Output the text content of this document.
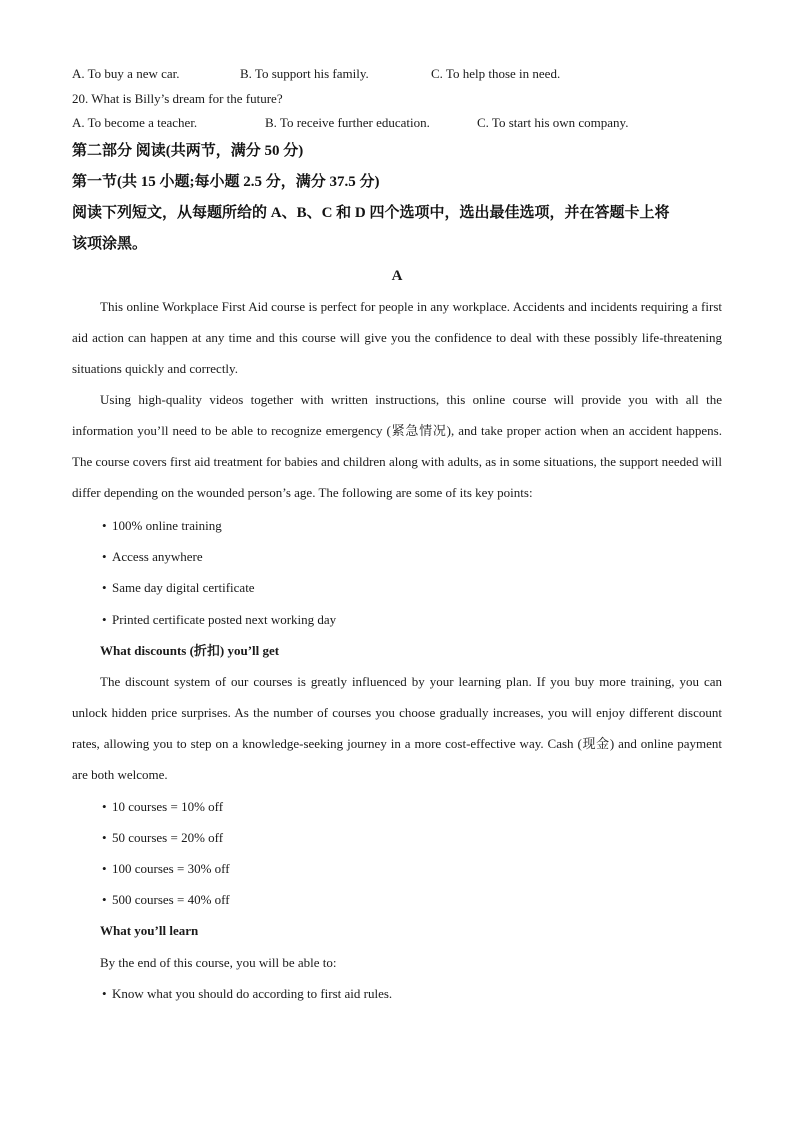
A. To buy a new car.	B. To support his family.	C. To help those in need.
20. What is Billy’s dream for the future?
A. To become a teacher.	B. To receive further education.	C. To start his own company.
第二部分 阅读(共两节，满分 50 分)
第一节(共 15 小题;每小题 2.5 分，满分 37.5 分)
阅读下列短文，从每题所给的 A、B、C 和 D 四个选项中，选出最佳选项，并在答题卡上将
该项涂黑。
A
This online Workplace First Aid course is perfect for people in any workplace. Accidents and incidents requiring a first aid action can happen at any time and this course will give you the confidence to deal with these possibly life-threatening situations quickly and correctly.
Using high-quality videos together with written instructions, this online course will provide you with all the information you’ll need to be able to recognize emergency (紧急情况), and take proper action when an accident happens. The course covers first aid treatment for babies and children along with adults, as in some situations, the support needed will differ depending on the wounded person’s age. The following are some of its key points:
• 100% online training
• Access anywhere
• Same day digital certificate
• Printed certificate posted next working day
What discounts (折扣) you’ll get
The discount system of our courses is greatly influenced by your learning plan. If you buy more training, you can unlock hidden price surprises. As the number of courses you choose gradually increases, you will enjoy different discount rates, allowing you to step on a knowledge-seeking journey in a more cost-effective way. Cash (现金) and online payment are both welcome.
• 10 courses = 10% off
• 50 courses = 20% off
• 100 courses = 30% off
• 500 courses = 40% off
What you’ll learn
By the end of this course, you will be able to:
• Know what you should do according to first aid rules.
